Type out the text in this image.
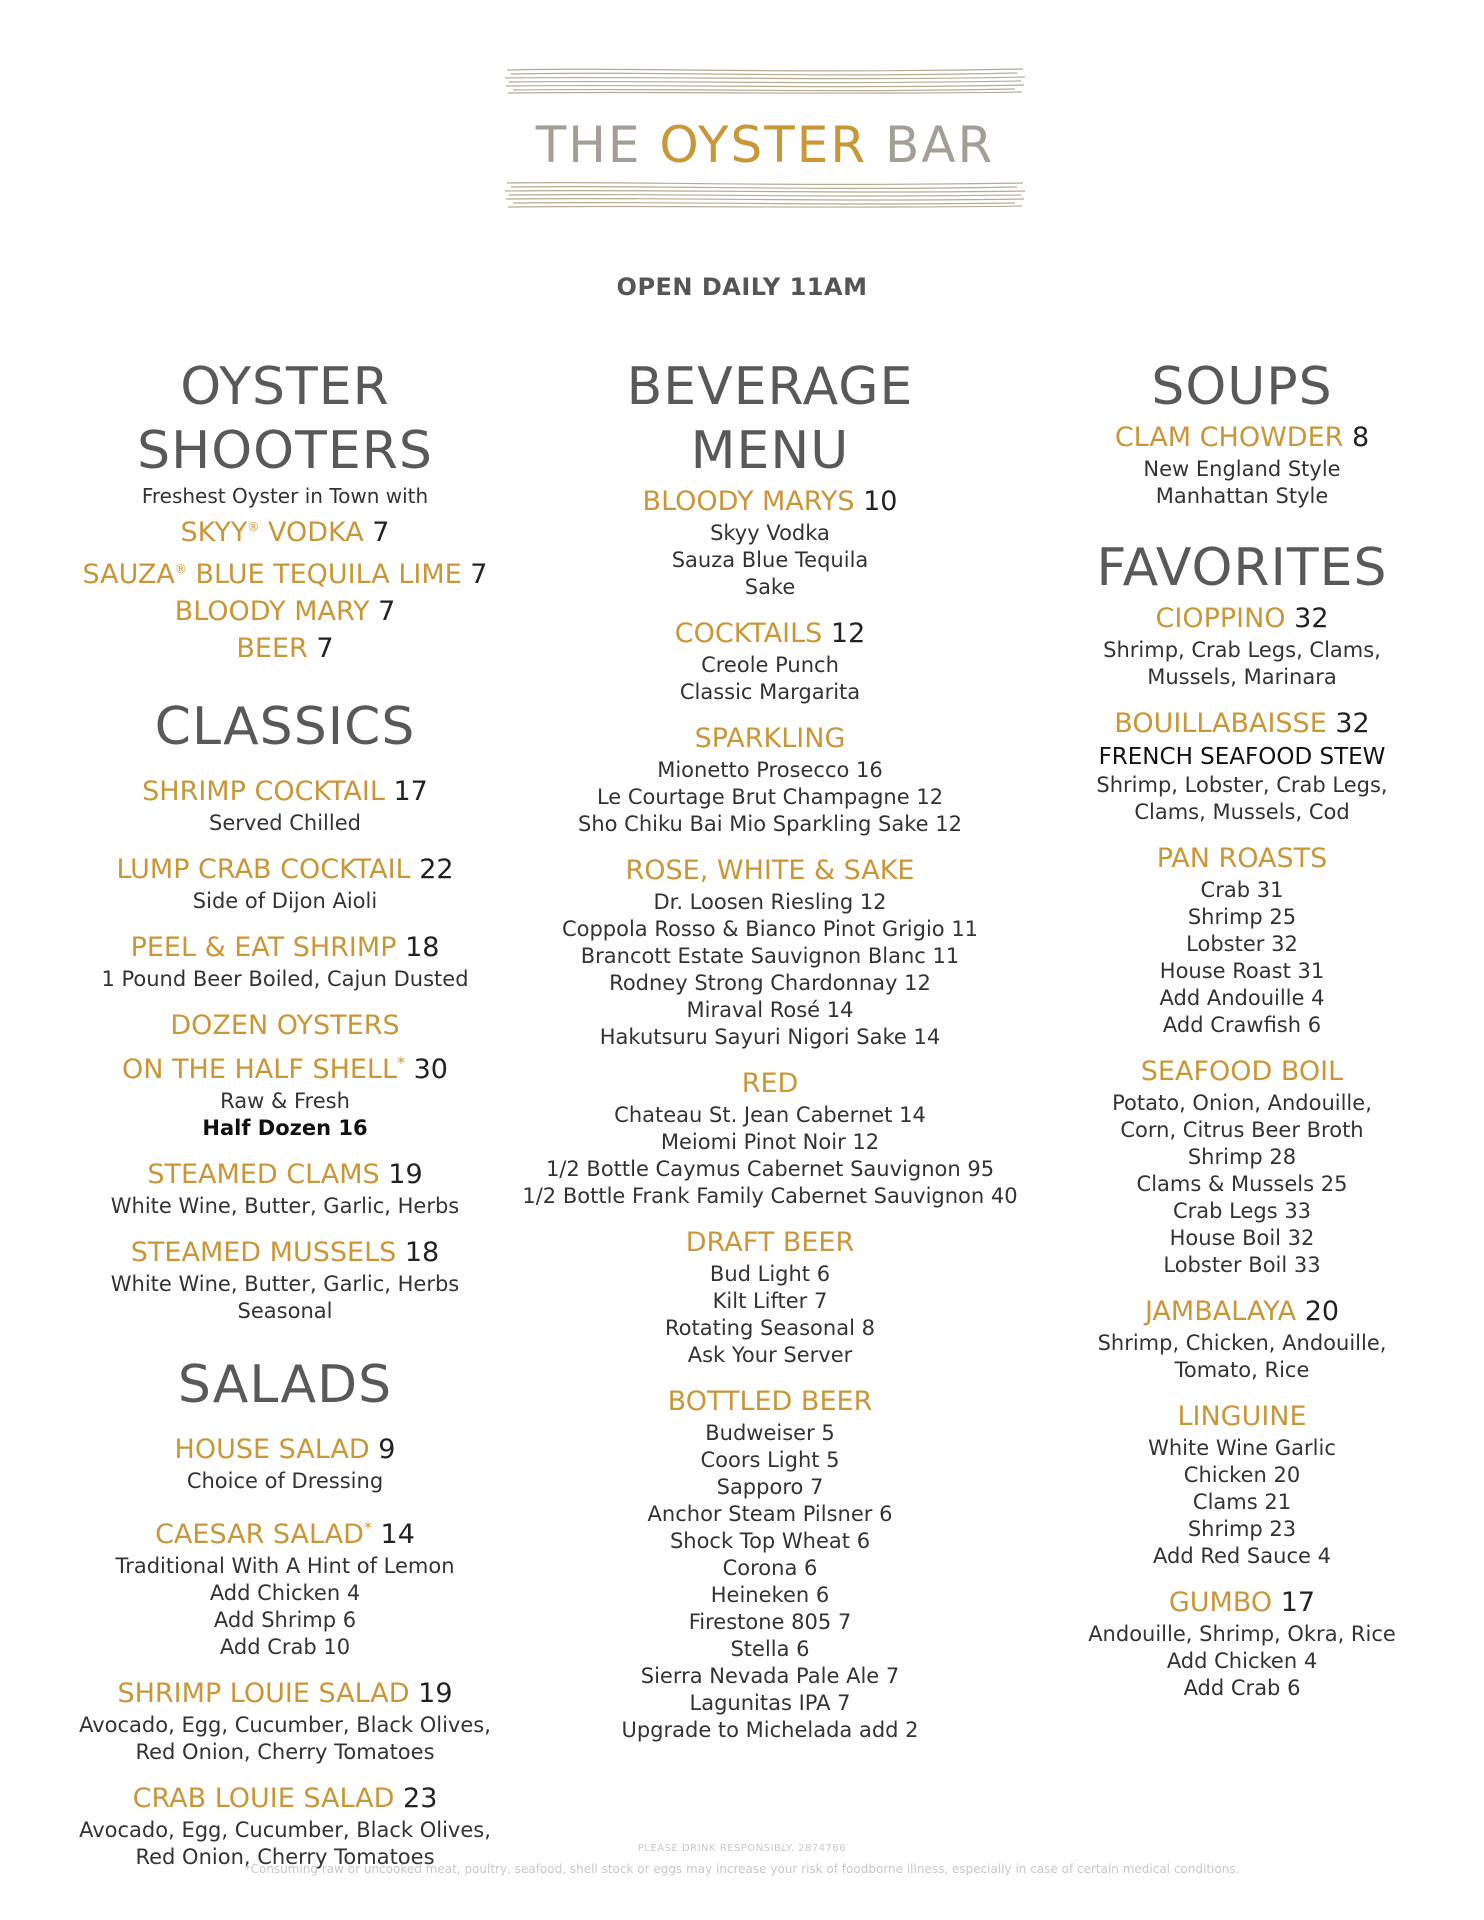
THE OYSTER BAR
OPEN DAILY 11AM
OYSTER
SHOOTERS
Freshest Oyster in Town with
SKYY® VODKA 7
SAUZA® BLUE TEQUILA LIME 7
BLOODY MARY 7
BEER 7
CLASSICS
SHRIMP COCKTAIL 17
Served Chilled
LUMP CRAB COCKTAIL 22
Side of Dijon Aioli
PEEL & EAT SHRIMP 18
1 Pound Beer Boiled, Cajun Dusted
DOZEN OYSTERS
ON THE HALF SHELL* 30
Raw & Fresh
Half Dozen 16
STEAMED CLAMS 19
White Wine, Butter, Garlic, Herbs
STEAMED MUSSELS 18
White Wine, Butter, Garlic, Herbs
Seasonal
SALADS
HOUSE SALAD 9
Choice of Dressing
CAESAR SALAD* 14
Traditional With A Hint of Lemon
Add Chicken 4
Add Shrimp 6
Add Crab 10
SHRIMP LOUIE SALAD 19
Avocado, Egg, Cucumber, Black Olives,
Red Onion, Cherry Tomatoes
CRAB LOUIE SALAD 23
Avocado, Egg, Cucumber, Black Olives,
Red Onion, Cherry Tomatoes
BEVERAGE
MENU
BLOODY MARYS 10
Skyy Vodka
Sauza Blue Tequila
Sake
COCKTAILS 12
Creole Punch
Classic Margarita
SPARKLING
Mionetto Prosecco 16
Le Courtage Brut Champagne 12
Sho Chiku Bai Mio Sparkling Sake 12
ROSE, WHITE & SAKE
Dr. Loosen Riesling 12
Coppola Rosso & Bianco Pinot Grigio 11
Brancott Estate Sauvignon Blanc 11
Rodney Strong Chardonnay 12
Miraval Rosé 14
Hakutsuru Sayuri Nigori Sake 14
RED
Chateau St. Jean Cabernet 14
Meiomi Pinot Noir 12
1/2 Bottle Caymus Cabernet Sauvignon 95
1/2 Bottle Frank Family Cabernet Sauvignon 40
DRAFT BEER
Bud Light 6
Kilt Lifter 7
Rotating Seasonal 8
Ask Your Server
BOTTLED BEER
Budweiser 5
Coors Light 5
Sapporo 7
Anchor Steam Pilsner 6
Shock Top Wheat 6
Corona 6
Heineken 6
Firestone 805 7
Stella 6
Sierra Nevada Pale Ale 7
Lagunitas IPA 7
Upgrade to Michelada add 2
SOUPS
CLAM CHOWDER 8
New England Style
Manhattan Style
FAVORITES
CIOPPINO 32
Shrimp, Crab Legs, Clams,
Mussels, Marinara
BOUILLABAISSE 32
FRENCH SEAFOOD STEW
Shrimp, Lobster, Crab Legs,
Clams, Mussels, Cod
PAN ROASTS
Crab 31
Shrimp 25
Lobster 32
House Roast 31
Add Andouille 4
Add Crawfish 6
SEAFOOD BOIL
Potato, Onion, Andouille,
Corn, Citrus Beer Broth
Shrimp 28
Clams & Mussels 25
Crab Legs 33
House Boil 32
Lobster Boil 33
JAMBALAYA 20
Shrimp, Chicken, Andouille,
Tomato, Rice
LINGUINE
White Wine Garlic
Chicken 20
Clams 21
Shrimp 23
Add Red Sauce 4
GUMBO 17
Andouille, Shrimp, Okra, Rice
Add Chicken 4
Add Crab 6
PLEASE DRINK RESPONSIBLY. 2874766
*Consuming raw or uncooked meat, poultry, seafood, shell stock or eggs may increase your risk of foodborne illness, especially in case of certain medical conditions.
